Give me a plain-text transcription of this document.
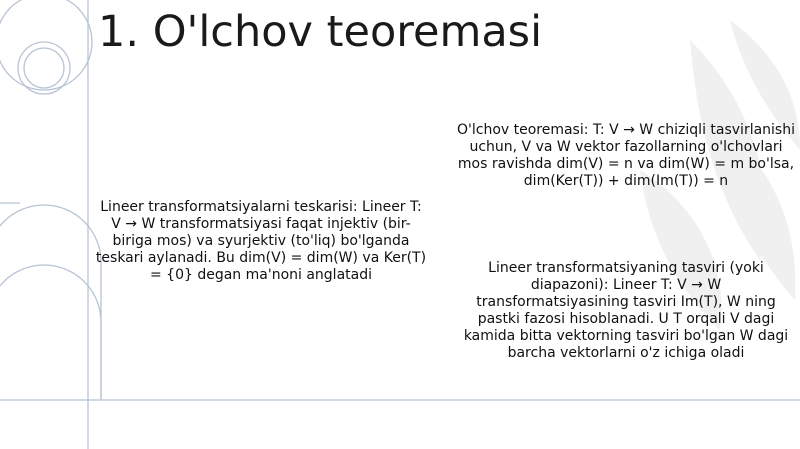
1. O'lchov teoremasi
Lineer transformatsiyalarni teskarisi: Lineer T: V → W transformatsiyasi faqat injektiv (bir-biriga mos) va syurjektiv (to'liq) bo'lganda teskari aylanadi. Bu dim(V) = dim(W) va Ker(T) = {0} degan ma'noni anglatadi
O'lchov teoremasi: T: V → W chiziqli tasvirlanishi uchun, V va W vektor fazollarning o'lchovlari mos ravishda dim(V) = n va dim(W) = m bo'lsa, dim(Ker(T)) + dim(Im(T)) = n
Lineer transformatsiyaning tasviri (yoki diapazoni): Lineer T: V → W transformatsiyasining tasviri Im(T), W ning pastki fazosi hisoblanadi. U T orqali V dagi kamida bitta vektorning tasviri bo'lgan W dagi barcha vektorlarni o'z ichiga oladi
